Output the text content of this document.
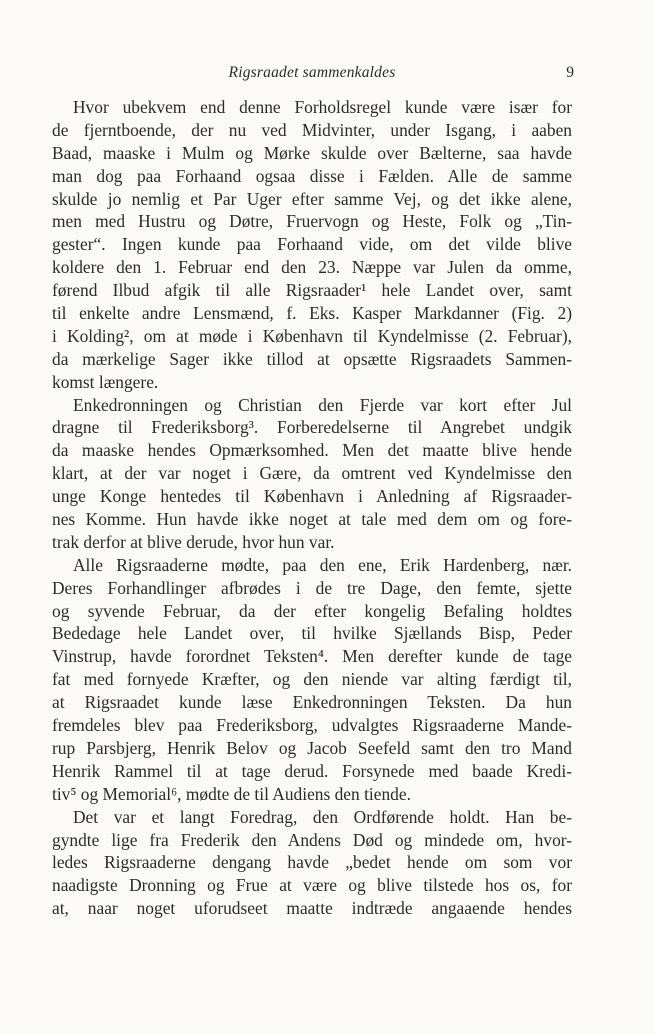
Rigsraadet sammenkaldes	9
Hvor ubekvem end denne Forholdsregel kunde være især for
de fjerntboende, der nu ved Midvinter, under Isgang, i aaben
Baad, maaske i Mulm og Mørke skulde over Bælterne, saa havde
man dog paa Forhaand ogsaa disse i Fælden. Alle de samme
skulde jo nemlig et Par Uger efter samme Vej, og det ikke alene,
men med Hustru og Døtre, Fruervogn og Heste, Folk og „Tin-
gester“. Ingen kunde paa Forhaand vide, om det vilde blive
koldere den 1. Februar end den 23. Næppe var Julen da omme,
førend Ilbud afgik til alle Rigsraader¹ hele Landet over, samt
til enkelte andre Lensmænd, f. Eks. Kasper Markdanner (Fig. 2)
i Kolding², om at møde i København til Kyndelmisse (2. Februar),
da mærkelige Sager ikke tillod at opsætte Rigsraadets Sammen-
komst længere.
Enkedronningen og Christian den Fjerde var kort efter Jul
dragne til Frederiksborg³. Forberedelserne til Angrebet undgik
da maaske hendes Opmærksomhed. Men det maatte blive hende
klart, at der var noget i Gære, da omtrent ved Kyndelmisse den
unge Konge hentedes til København i Anledning af Rigsraader-
nes Komme. Hun havde ikke noget at tale med dem om og fore-
trak derfor at blive derude, hvor hun var.
Alle Rigsraaderne mødte, paa den ene, Erik Hardenberg, nær.
Deres Forhandlinger afbrødes i de tre Dage, den femte, sjette
og syvende Februar, da der efter kongelig Befaling holdtes
Bededage hele Landet over, til hvilke Sjællands Bisp, Peder
Vinstrup, havde forordnet Teksten⁴. Men derefter kunde de tage
fat med fornyede Kræfter, og den niende var alting færdigt til,
at Rigsraadet kunde læse Enkedronningen Teksten. Da hun
fremdeles blev paa Frederiksborg, udvalgtes Rigsraaderne Mande-
rup Parsbjerg, Henrik Belov og Jacob Seefeld samt den tro Mand
Henrik Rammel til at tage derud. Forsynede med baade Kredi-
tiv⁵ og Memorial⁶, mødte de til Audiens den tiende.
Det var et langt Foredrag, den Ordførende holdt. Han be-
gyndte lige fra Frederik den Andens Død og mindede om, hvor-
ledes Rigsraaderne dengang havde „bedet hende om som vor
naadigste Dronning og Frue at være og blive tilstede hos os, for
at, naar noget uforudseet maatte indtræde angaaende hendes
